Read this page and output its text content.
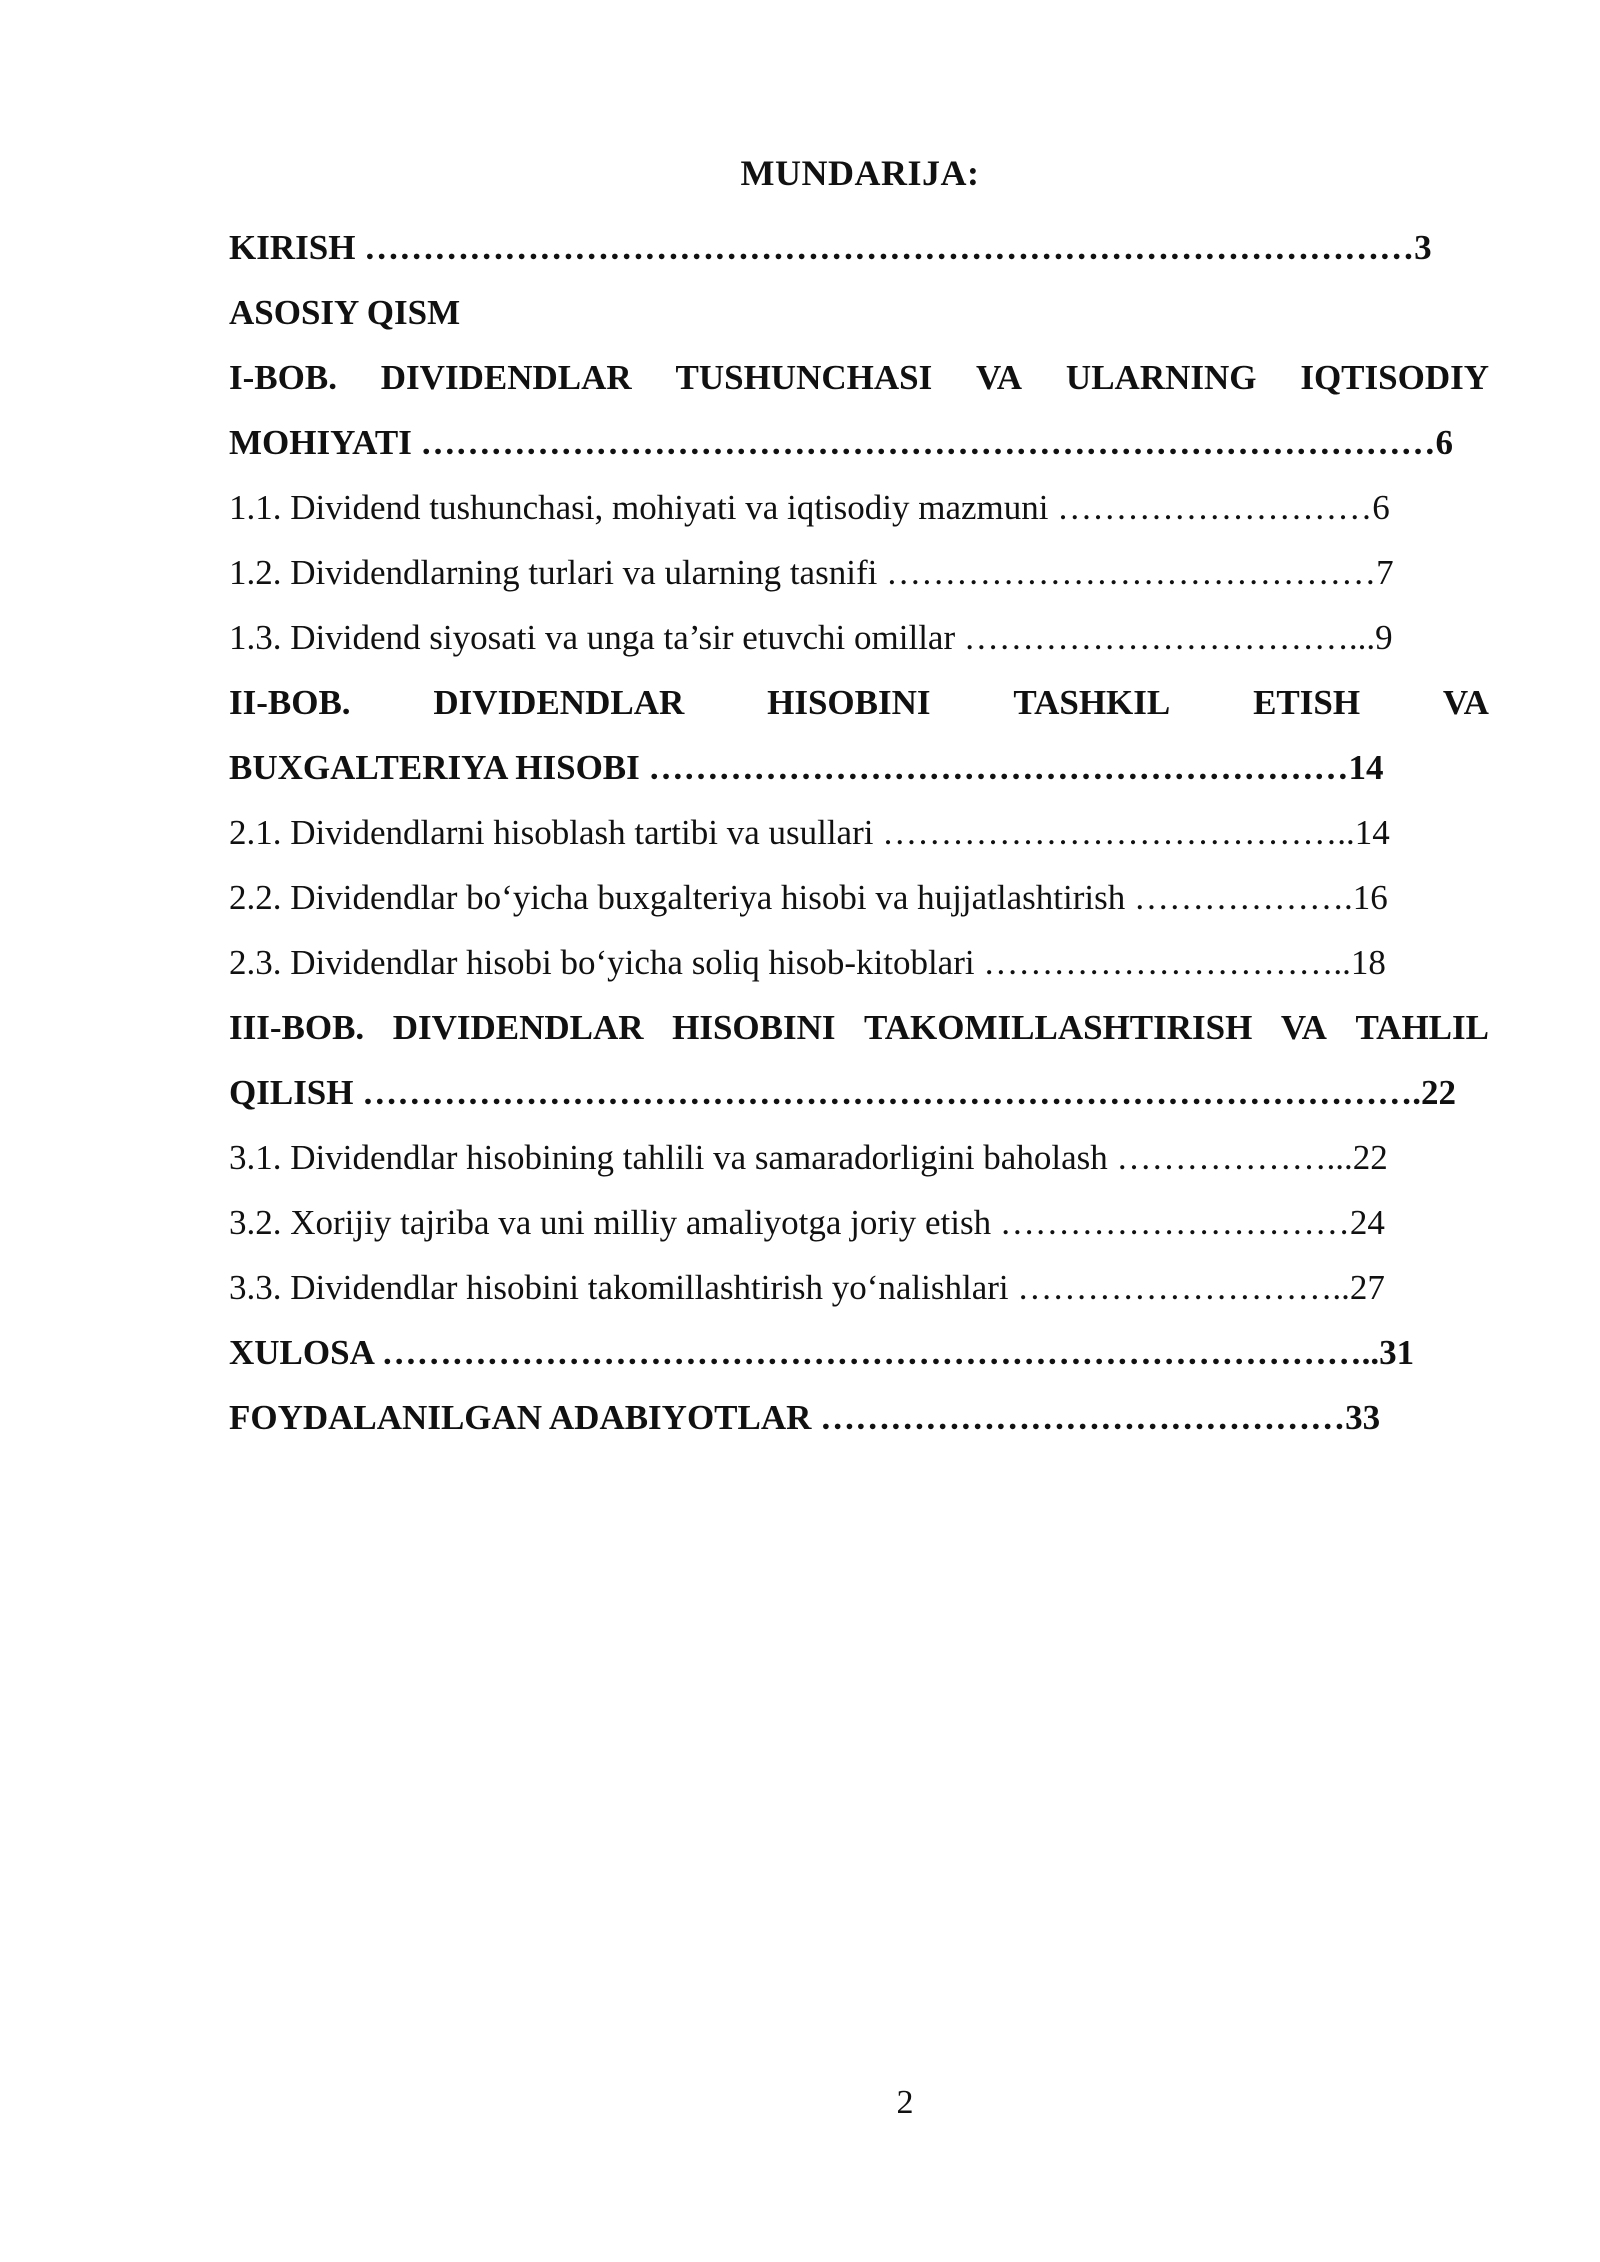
MUNDARIJA:
KIRISH ………………………………………………………………………………3
ASOSIY QISM
I-BOB. DIVIDENDLAR TUSHUNCHASI VA ULARNING IQTISODIY
MOHIYATI ……………………………………………………………………………6
1.1. Dividend tushunchasi, mohiyati va iqtisodiy mazmuni ………………………6
1.2. Dividendlarning turlari va ularning tasnifi ……………………………………7
1.3. Dividend siyosati va unga ta’sir etuvchi omillar ……………………………...9
II-BOB. DIVIDENDLAR HISOBINI TASHKIL ETISH VA
BUXGALTERIYA HISOBI ……………………………………………………14
2.1. Dividendlarni hisoblash tartibi va usullari …………………………………..14
2.2. Dividendlar bo‘yicha buxgalteriya hisobi va hujjatlashtirish ……………….16
2.3. Dividendlar hisobi bo‘yicha soliq hisob-kitoblari …………………………..18
III-BOB. DIVIDENDLAR HISOBINI TAKOMILLASHTIRISH VA TAHLIL
QILISH ……………………………………………………………………………….22
3.1. Dividendlar hisobining tahlili va samaradorligini baholash ………………...22
3.2. Xorijiy tajriba va uni milliy amaliyotga joriy etish …………………………24
3.3. Dividendlar hisobini takomillashtirish yo‘nalishlari ………………………..27
XULOSA …………………………………………………………………………..31
FOYDALANILGAN ADABIYOTLAR ………………………………………33
2
